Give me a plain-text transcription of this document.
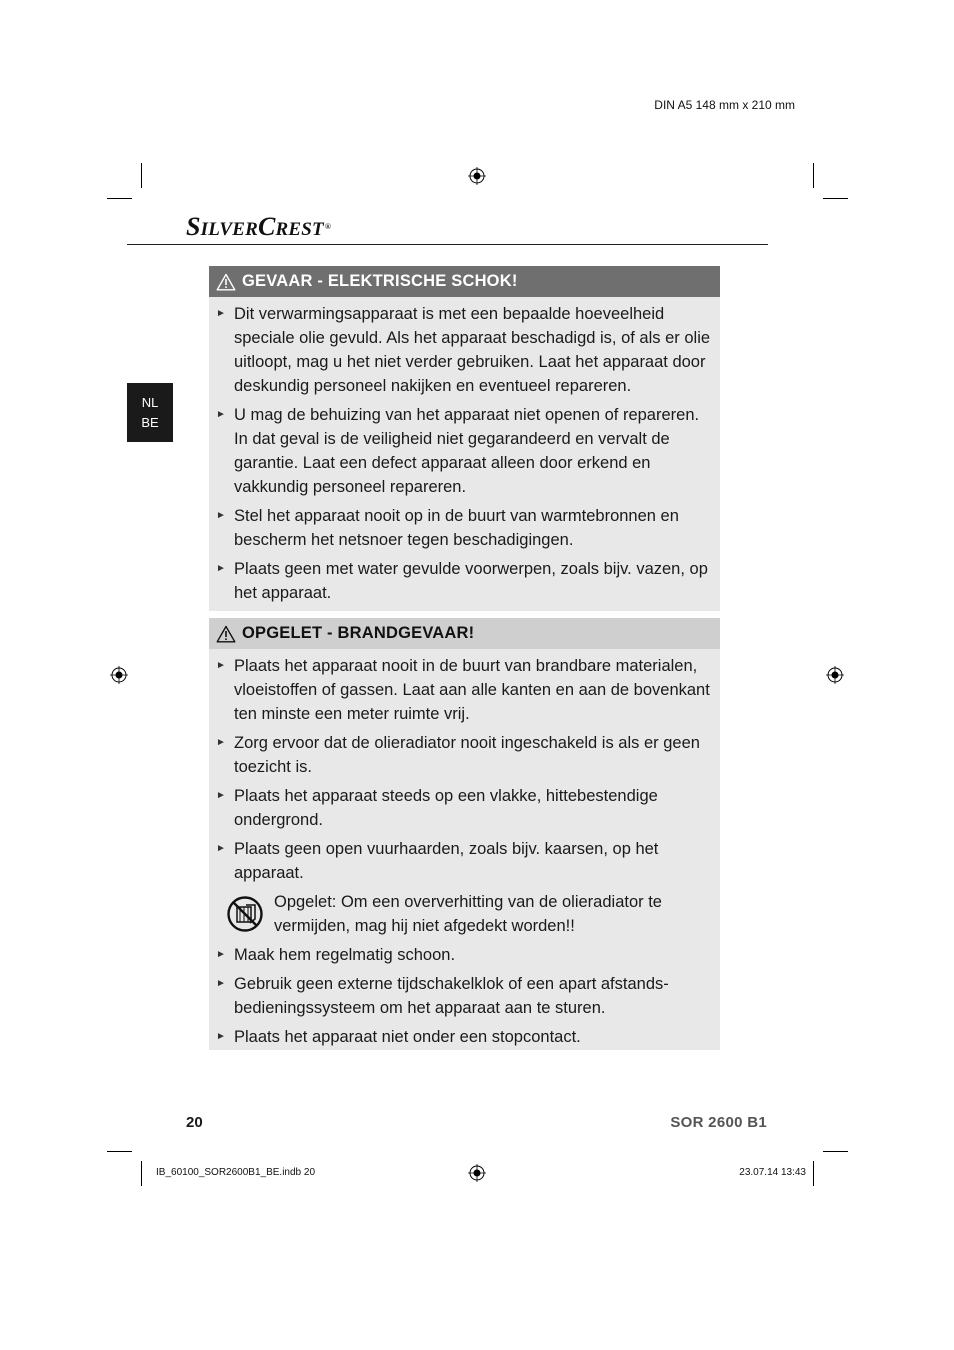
DIN A5 148 mm x 210 mm
SILVERCREST®
NL
BE
GEVAAR - ELEKTRISCHE SCHOK!
► Dit verwarmingsapparaat is met een bepaalde hoeveelheid speciale olie gevuld. Als het apparaat beschadigd is, of als er olie uitloopt, mag u het niet verder gebruiken. Laat het apparaat door deskundig personeel nakijken en eventueel repareren.
► U mag de behuizing van het apparaat niet openen of repareren. In dat geval is de veiligheid niet gegarandeerd en vervalt de garantie. Laat een defect apparaat alleen door erkend en vakkundig personeel repareren.
► Stel het apparaat nooit op in de buurt van warmtebronnen en bescherm het netsnoer tegen beschadigingen.
► Plaats geen met water gevulde voorwerpen, zoals bijv. vazen, op het apparaat.
OPGELET - BRANDGEVAAR!
► Plaats het apparaat nooit in de buurt van brandbare materialen, vloeistoffen of gassen. Laat aan alle kanten en aan de bovenkant ten minste een meter ruimte vrij.
► Zorg ervoor dat de olieradiator nooit ingeschakeld is als er geen toezicht is.
► Plaats het apparaat steeds op een vlakke, hittebestendige ondergrond.
► Plaats geen open vuurhaarden, zoals bijv. kaarsen, op het apparaat.
Opgelet: Om een oververhitting van de olieradiator te vermijden, mag hij niet afgedekt worden!!
► Maak hem regelmatig schoon.
► Gebruik geen externe tijdschakelklok of een apart afstands-bedieningssysteem om het apparaat aan te sturen.
► Plaats het apparaat niet onder een stopcontact.
20	SOR 2600 B1
IB_60100_SOR2600B1_BE.indb 20	23.07.14 13:43
